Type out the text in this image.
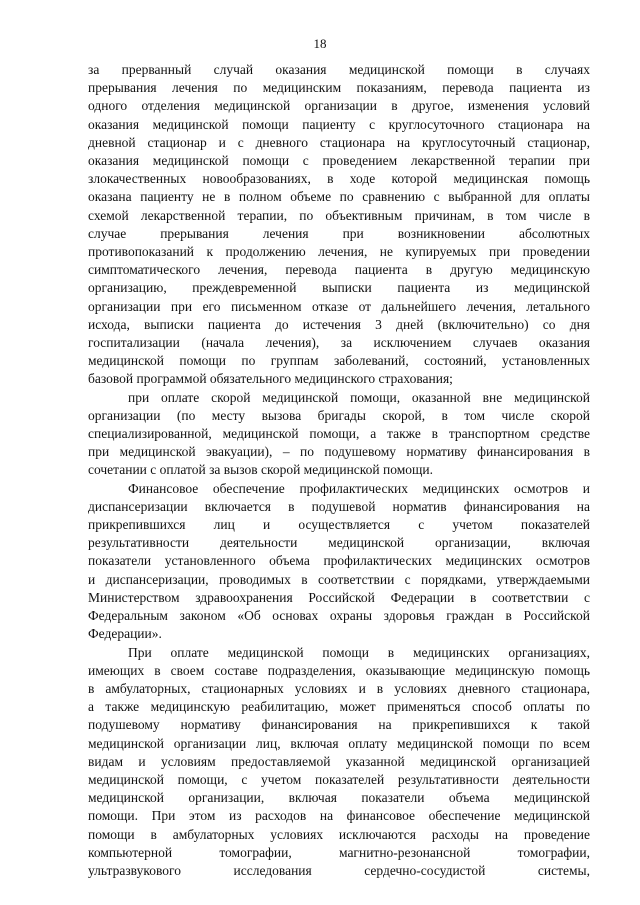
18
за прерванный случай оказания медицинской помощи в случаях
прерывания лечения по медицинским показаниям, перевода пациента из
одного отделения медицинской организации в другое, изменения условий
оказания медицинской помощи пациенту с круглосуточного стационара на
дневной стационар и с дневного стационара на круглосуточный стационар,
оказания медицинской помощи с проведением лекарственной терапии при
злокачественных новообразованиях, в ходе которой медицинская помощь
оказана пациенту не в полном объеме по сравнению с выбранной для оплаты
схемой лекарственной терапии, по объективным причинам, в том числе в
случае прерывания лечения при возникновении абсолютных
противопоказаний к продолжению лечения, не купируемых при проведении
симптоматического лечения, перевода пациента в другую медицинскую
организацию, преждевременной выписки пациента из медицинской
организации при его письменном отказе от дальнейшего лечения, летального
исхода, выписки пациента до истечения 3 дней (включительно) со дня
госпитализации (начала лечения), за исключением случаев оказания
медицинской помощи по группам заболеваний, состояний, установленных
базовой программой обязательного медицинского страхования;
при оплате скорой медицинской помощи, оказанной вне медицинской
организации (по месту вызова бригады скорой, в том числе скорой
специализированной, медицинской помощи, а также в транспортном средстве
при медицинской эвакуации), – по подушевому нормативу финансирования в
сочетании с оплатой за вызов скорой медицинской помощи.
Финансовое обеспечение профилактических медицинских осмотров и
диспансеризации включается в подушевой норматив финансирования на
прикрепившихся лиц и осуществляется с учетом показателей
результативности деятельности медицинской организации, включая
показатели установленного объема профилактических медицинских осмотров
и диспансеризации, проводимых в соответствии с порядками, утверждаемыми
Министерством здравоохранения Российской Федерации в соответствии с
Федеральным законом «Об основах охраны здоровья граждан в Российской
Федерации».
При оплате медицинской помощи в медицинских организациях,
имеющих в своем составе подразделения, оказывающие медицинскую помощь
в амбулаторных, стационарных условиях и в условиях дневного стационара,
а также медицинскую реабилитацию, может применяться способ оплаты по
подушевому нормативу финансирования на прикрепившихся к такой
медицинской организации лиц, включая оплату медицинской помощи по всем
видам и условиям предоставляемой указанной медицинской организацией
медицинской помощи, с учетом показателей результативности деятельности
медицинской организации, включая показатели объема медицинской
помощи. При этом из расходов на финансовое обеспечение медицинской
помощи в амбулаторных условиях исключаются расходы на проведение
компьютерной томографии, магнитно-резонансной томографии,
ультразвукового исследования сердечно-сосудистой системы,
